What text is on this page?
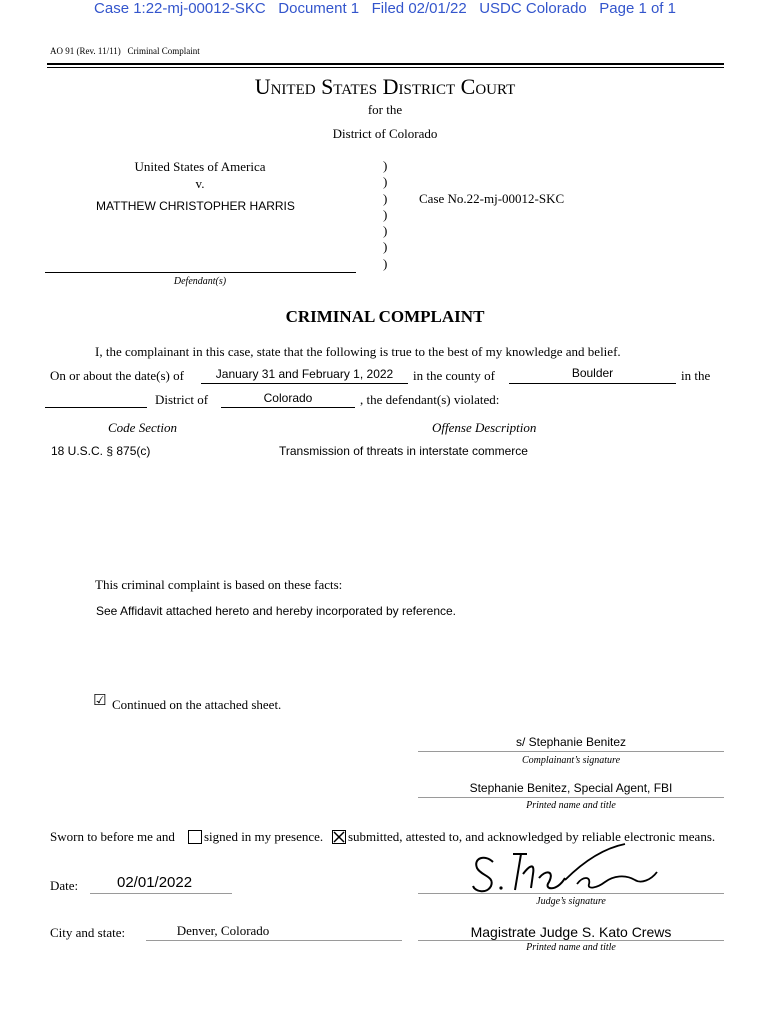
Case 1:22-mj-00012-SKC   Document 1   Filed 02/01/22   USDC Colorado   Page 1 of 1
AO 91 (Rev. 11/11)   Criminal Complaint
United States District Court
for the
District of Colorado
United States of America
v.
MATTHEW CHRISTOPHER HARRIS
Defendant(s)
)
)
)
)
)
)
)
Case No.22-mj-00012-SKC
CRIMINAL COMPLAINT
I, the complainant in this case, state that the following is true to the best of my knowledge and belief.
On or about the date(s) of	January 31 and February 1, 2022	in the county of	Boulder	in the
District of	Colorado	, the defendant(s) violated:
Code Section	Offense Description
18 U.S.C. § 875(c)	Transmission of threats in interstate commerce
This criminal complaint is based on these facts:
See Affidavit attached hereto and hereby incorporated by reference.
☑ Continued on the attached sheet.
s/ Stephanie Benitez
Complainant’s signature
Stephanie Benitez, Special Agent, FBI
Printed name and title
Sworn to before me and signed in my presence. submitted, attested to, and acknowledged by reliable electronic means.
Date:	02/01/2022
Judge’s signature
City and state:	Denver, Colorado	Magistrate Judge S. Kato Crews
Printed name and title
